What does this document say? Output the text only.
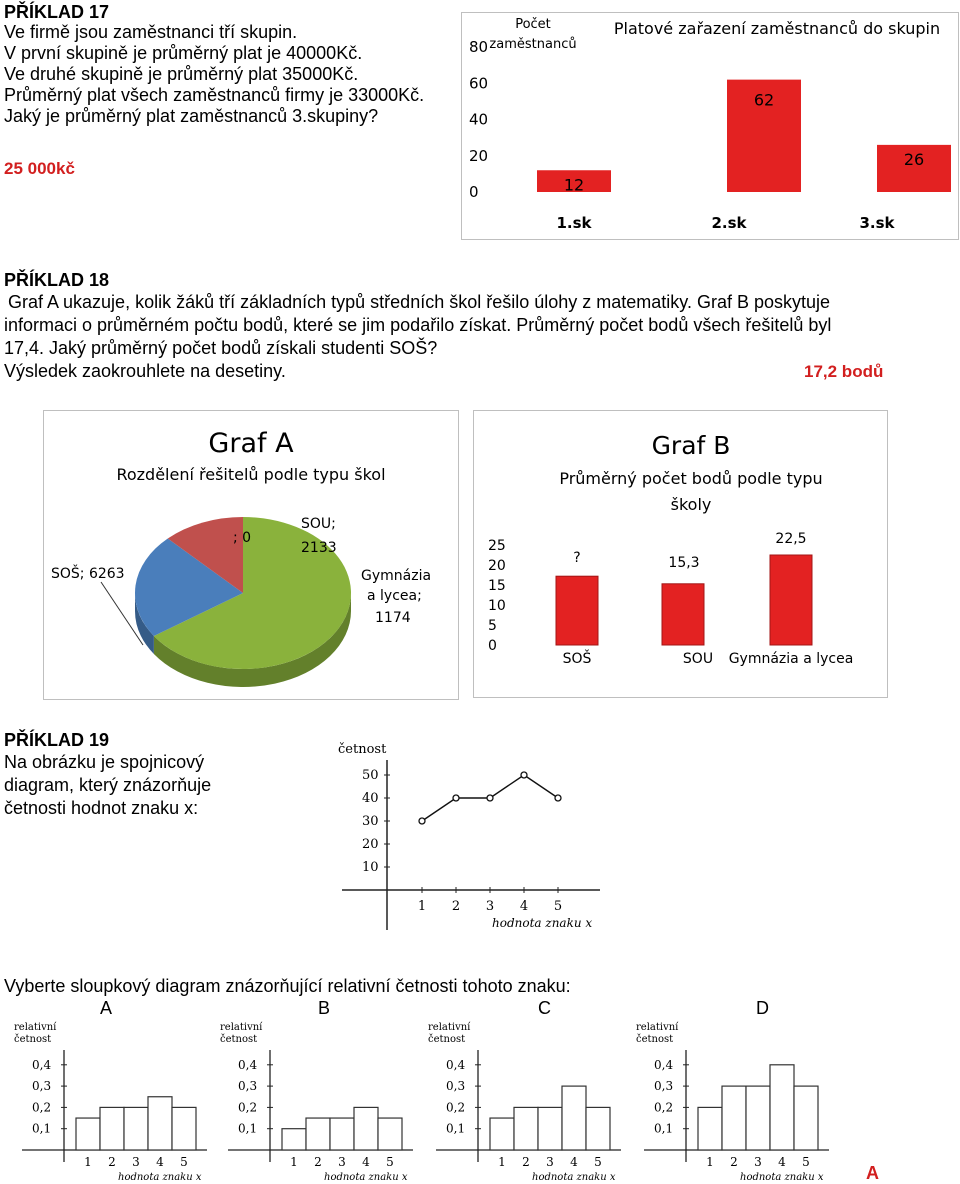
PŘÍKLAD 17
Ve firmě jsou zaměstnanci tří skupin.
V první skupině je průměrný plat je 40000Kč.
Ve druhé skupině je průměrný plat 35000Kč.
Průměrný plat všech zaměstnanců firmy je 33000Kč.
Jaký je průměrný plat zaměstnanců 3.skupiny?
25 000kč
Počet
zaměstnanců
Platové zařazení zaměstnanců do skupin
80
60
40
20
0	12
62
26
1.sk	2.sk	3.sk
PŘÍKLAD 18
Graf A ukazuje, kolik žáků tří základních typů středních škol řešilo úlohy z matematiky. Graf B poskytuje
informaci o průměrném počtu bodů, které se jim podařilo získat. Průměrný počet bodů všech řešitelů byl
17,4. Jaký průměrný počet bodů získali studenti SOŠ?
Výsledek zaokrouhlete na desetiny.	17,2 bodů
Graf A
Rozdělení řešitelů podle typu škol
SOŠ; 6263
; 0
SOU;
2133
Gymnázia
a lycea;
1174
Graf B
Průměrný počet bodů podle typu
školy
25
20
15
10
5
0
?	15,3
22,5
SOŠ	SOU Gymnázia a lycea
PŘÍKLAD 19
Na obrázku je spojnicový
diagram, který znázorňuje
četnosti hodnot znaku x:
četnost
50
40
30
20
10
1 2 3 4 5
hodnota znaku x
Vyberte sloupkový diagram znázorňující relativní četnosti tohoto znaku:
A	B	C	D
relativní
četnost
0,4
0,3
0,2
0,1
1 2 3 4 5
hodnota znaku x
relativní
četnost
0,4
0,3
0,2
0,1
1 2 3 4 5
hodnota znaku x
relativní
četnost
0,4
0,3
0,2
0,1
1 2 3 4 5
hodnota znaku x
relativní
četnost
0,4
0,3
0,2
0,1
1 2 3 4 5
hodnota znaku x A
